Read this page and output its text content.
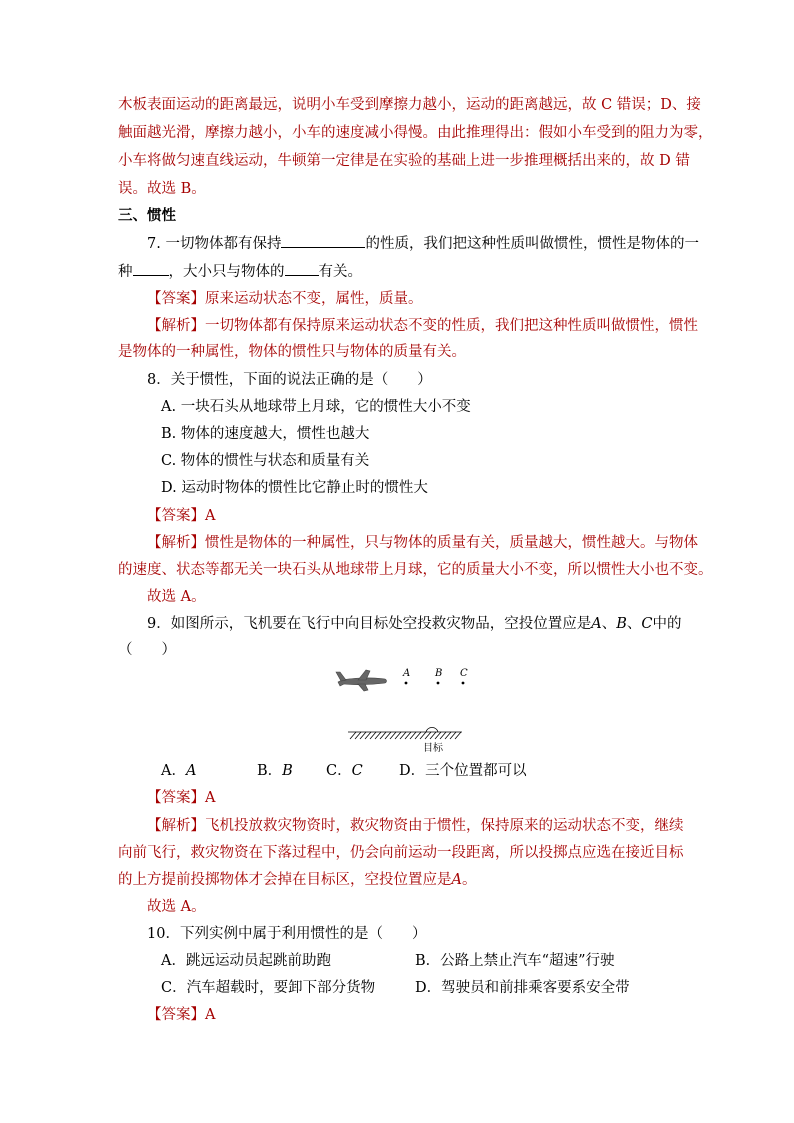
木板表面运动的距离最远，说明小车受到摩擦力越小，运动的距离越远，故 C 错误；D、接
触面越光滑，摩擦力越小，小车的速度减小得慢。由此推理得出：假如小车受到的阻力为零，
小车将做匀速直线运动，牛顿第一定律是在实验的基础上进一步推理概括出来的，故 D 错
误。故选 B。
三、惯性
7. 一切物体都有保持	的性质，我们把这种性质叫做惯性，惯性是物体的一
种 ，大小只与物体的 有关。
【答案】原来运动状态不变，属性，质量。
【解析】一切物体都有保持原来运动状态不变的性质，我们把这种性质叫做惯性，惯性
是物体的一种属性，物体的惯性只与物体的质量有关。
8．关于惯性，下面的说法正确的是（　　）
A. 一块石头从地球带上月球，它的惯性大小不变
B. 物体的速度越大，惯性也越大
C. 物体的惯性与状态和质量有关
D. 运动时物体的惯性比它静止时的惯性大
【答案】A
【解析】惯性是物体的一种属性，只与物体的质量有关，质量越大，惯性越大。与物体
的速度、状态等都无关一块石头从地球带上月球，它的质量大小不变，所以惯性大小也不变。
故选 A。
9．如图所示，飞机要在飞行中向目标处空投救灾物品，空投位置应是A、B、C中的
（　　）
A B C
目标
A．A	B．B C．C	D．三个位置都可以
【答案】A
【解析】飞机投放救灾物资时，救灾物资由于惯性，保持原来的运动状态不变，继续
向前飞行，救灾物资在下落过程中，仍会向前运动一段距离，所以投掷点应选在接近目标
的上方提前投掷物体才会掉在目标区，空投位置应是A。
故选 A。
10．下列实例中属于利用惯性的是（　　）
A．跳远运动员起跳前助跑	B．公路上禁止汽车“超速”行驶
C．汽车超载时，要卸下部分货物	D．驾驶员和前排乘客要系安全带
【答案】A
